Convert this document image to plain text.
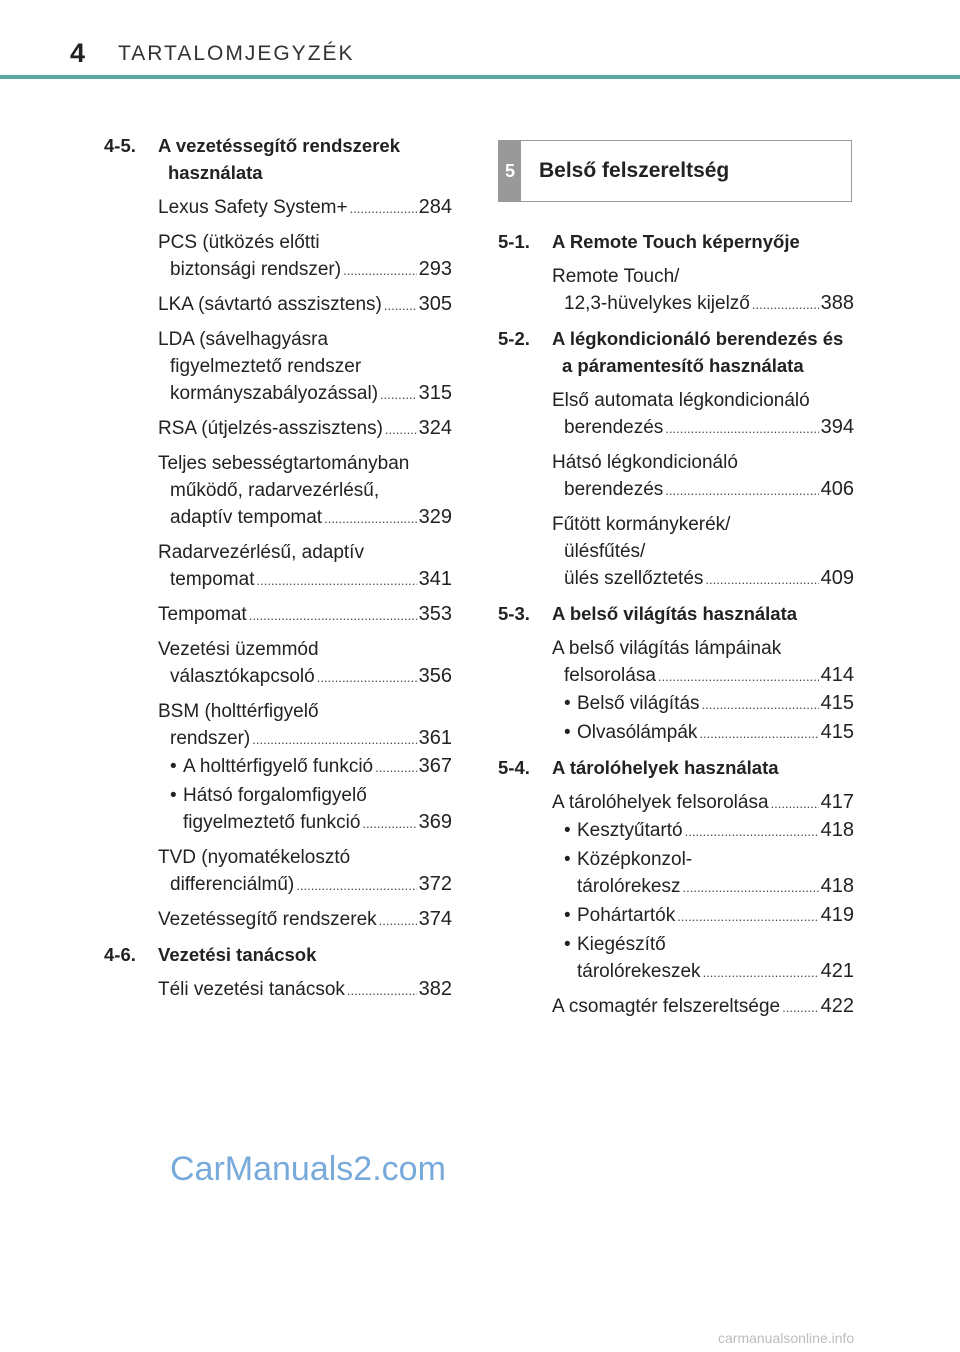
4 TARTALOMJEGYZÉK
4-5.	A vezetéssegítő rendszerek
használata
Lexus Safety System+ .....	284
PCS (ütközés előtti
biztonsági rendszer) .....	293
LKA (sávtartó asszisztens) ..... 305
LDA (sávelhagyásra
figyelmeztető rendszer
kormányszabályozással) ..... 315
RSA (útjelzés-asszisztens) ..... 324
Teljes sebességtartományban
működő, radarvezérlésű,
adaptív tempomat .....	329
Radarvezérlésű, adaptív
tempomat .....	341
Tempomat .....	353
Vezetési üzemmód
választókapcsoló .....	356
BSM (holttérfigyelő
rendszer) .....	361
• A holttérfigyelő funkció ..... 367
• Hátsó forgalomfigyelő
figyelmeztető funkció .....	369
TVD (nyomatékelosztó
differenciálmű) .....	372
Vezetéssegítő rendszerek ..... 374
4-6.	Vezetési tanácsok
Téli vezetési tanácsok .....	382
5 Belső felszereltség
5-1.	A Remote Touch képernyője
Remote Touch/
12,3-hüvelykes kijelző .....	388
5-2.	A légkondicionáló berendezés és
a páramentesítő használata
Első automata légkondicionáló
berendezés .....	394
Hátsó légkondicionáló
berendezés .....	406
Fűtött kormánykerék/
ülésfűtés/
ülés szellőztetés .....	409
5-3.	A belső világítás használata
A belső világítás lámpáinak
felsorolása .....	414
• Belső világítás .....	415
• Olvasólámpák .....	415
5-4.	A tárolóhelyek használata
A tárolóhelyek felsorolása .....	417
• Kesztyűtartó .....	418
• Középkonzol-
tárolórekesz .....	418
• Pohártartók .....	419
• Kiegészítő
tárolórekeszek .....	421
A csomagtér felszereltsége ..... 422
CarManuals2.com
carmanualsonline.info
